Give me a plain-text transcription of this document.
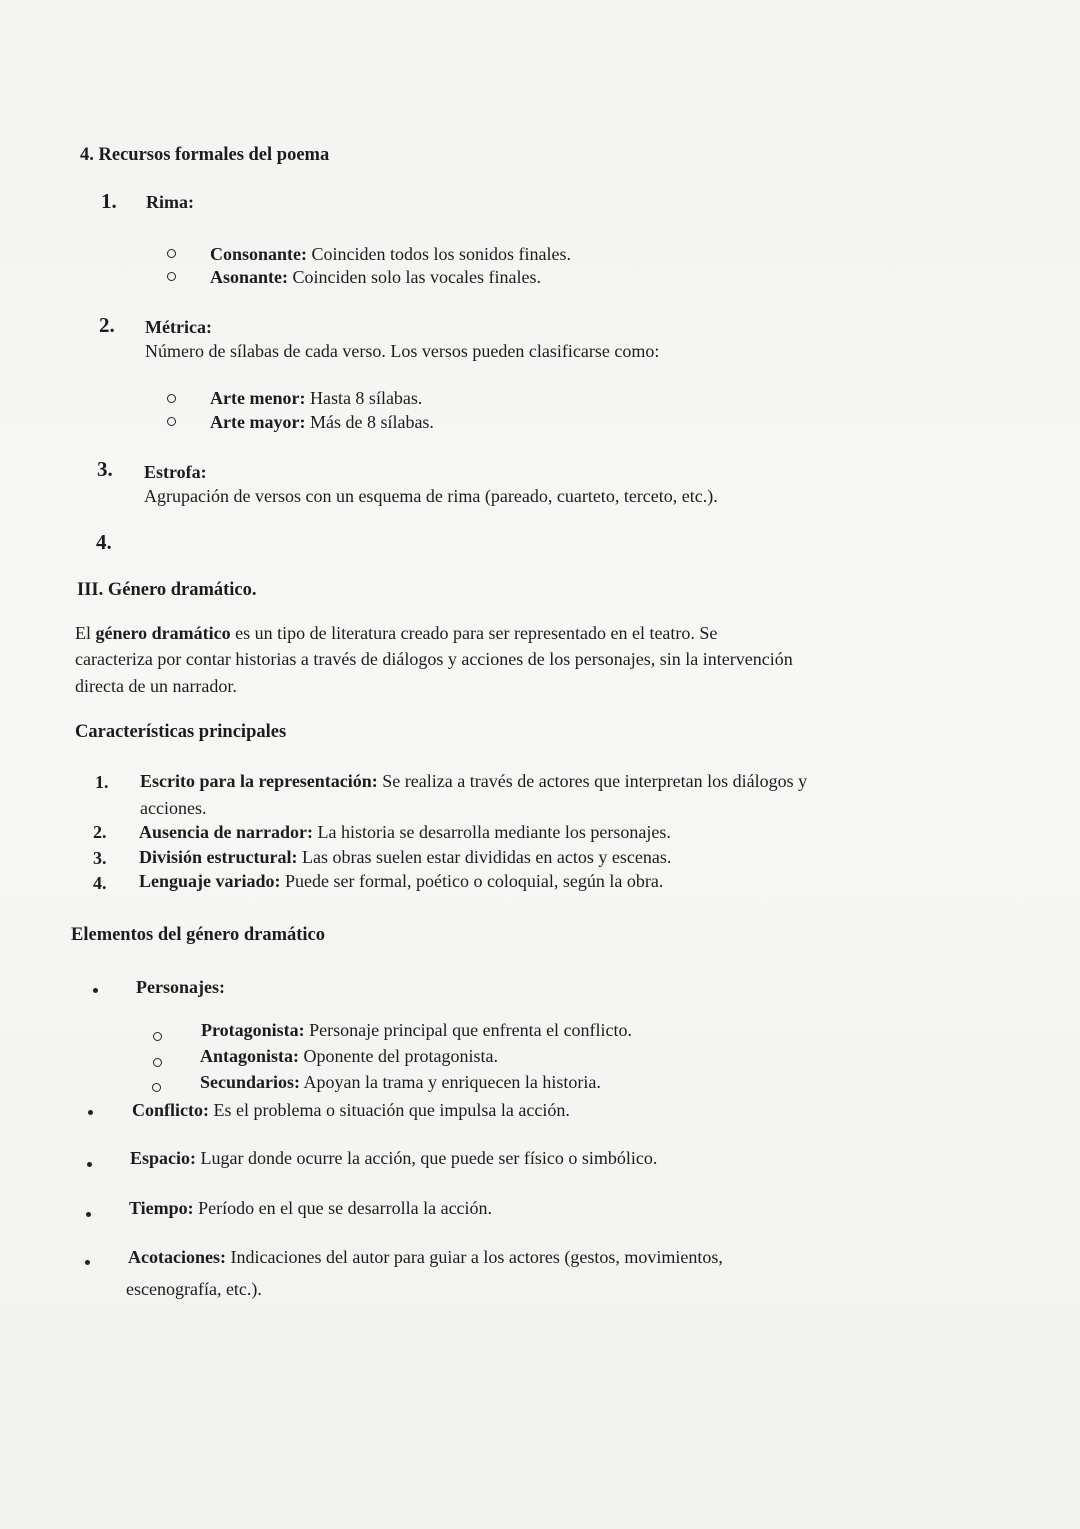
4. Recursos formales del poema
1. Rima:
Consonante: Coinciden todos los sonidos finales.
Asonante: Coinciden solo las vocales finales.
2. Métrica:
Número de sílabas de cada verso. Los versos pueden clasificarse como:
Arte menor: Hasta 8 sílabas.
Arte mayor: Más de 8 sílabas.
3. Estrofa:
Agrupación de versos con un esquema de rima (pareado, cuarteto, terceto, etc.).
4.
III. Género dramático.
El género dramático es un tipo de literatura creado para ser representado en el teatro. Se
caracteriza por contar historias a través de diálogos y acciones de los personajes, sin la intervención
directa de un narrador.
Características principales
1. Escrito para la representación: Se realiza a través de actores que interpretan los diálogos y
acciones.
2. Ausencia de narrador: La historia se desarrolla mediante los personajes.
3. División estructural: Las obras suelen estar divididas en actos y escenas.
4. Lenguaje variado: Puede ser formal, poético o coloquial, según la obra.
Elementos del género dramático
Personajes:
Protagonista: Personaje principal que enfrenta el conflicto.
Antagonista: Oponente del protagonista.
Secundarios: Apoyan la trama y enriquecen la historia.
Conflicto: Es el problema o situación que impulsa la acción.
Espacio: Lugar donde ocurre la acción, que puede ser físico o simbólico.
Tiempo: Período en el que se desarrolla la acción.
Acotaciones: Indicaciones del autor para guiar a los actores (gestos, movimientos,
escenografía, etc.).
